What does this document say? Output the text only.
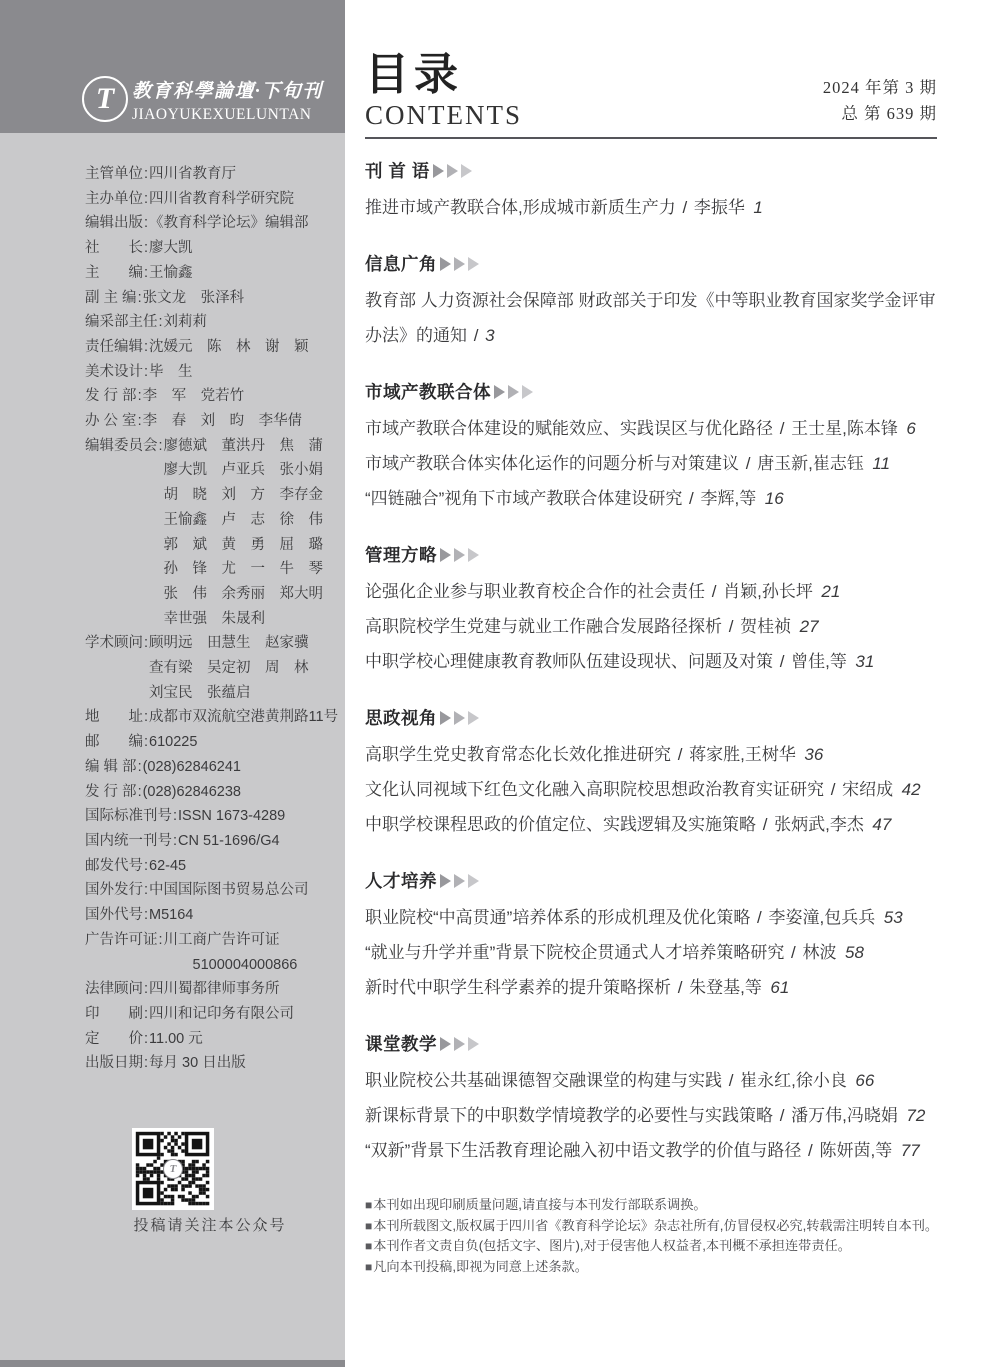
T 教育科學論壇·下旬刊
JIAOYUKEXUELUNTAN
主管单位 : 四川省教育厅
主办单位 : 四川省教育科学研究院
编辑出版 : 《教育科学论坛》编辑部
社　　长 : 廖大凯
主　　编 : 王愉鑫
副 主 编 : 张文龙　张泽科
编采部主任 : 刘莉莉
责任编辑 : 沈媛元　陈　林　谢　颖
美术设计 : 毕　生
发 行 部 : 李　军　党若竹
办 公 室 : 李　春　刘　昀　李华倩
编辑委员会 : 廖德斌　董洪丹　焦　蒲
廖大凯　卢亚兵　张小娟
胡　晓　刘　方　李存金
王愉鑫　卢　志　徐　伟
郭　斌　黄　勇　屈　璐
孙　锋　尤　一　牛　琴
张　伟　余秀丽　郑大明
幸世强　朱晟利
学术顾问 : 顾明远　田慧生　赵家骥
查有梁　吴定初　周　林
刘宝民　张蕴启
地　　址 : 成都市双流航空港黄荆路11号
邮　　编 : 610225
编 辑 部 : (028)62846241
发 行 部 : (028)62846238
国际标准刊号 : ISSN 1673-4289
国内统一刊号 : CN 51-1696/G4
邮发代号 : 62-45
国外发行 : 中国国际图书贸易总公司
国外代号 : M5164
广告许可证 : 川工商广告许可证
　　5100004000866
法律顾问 : 四川蜀都律师事务所
印　　刷 : 四川和记印务有限公司
定　　价 : 11.00 元
出版日期 : 每月 30 日出版
T
投稿请关注本公众号
目录
CONTENTS
2024 年第 3 期
总 第 639 期
刊 首 语
推进市域产教联合体,形成城市新质生产力 / 李振华 1
信息广角
教育部 人力资源社会保障部 财政部关于印发《中等职业教育国家奖学金评审办法》的通知 / 3
市域产教联合体
市域产教联合体建设的赋能效应、实践误区与优化路径 / 王士星,陈本锋 6
市域产教联合体实体化运作的问题分析与对策建议 / 唐玉新,崔志钰 11
“四链融合”视角下市域产教联合体建设研究 / 李辉,等 16
管理方略
论强化企业参与职业教育校企合作的社会责任 / 肖颖,孙长坪 21
高职院校学生党建与就业工作融合发展路径探析 / 贺桂祯 27
中职学校心理健康教育教师队伍建设现状、问题及对策 / 曾佳,等 31
思政视角
高职学生党史教育常态化长效化推进研究 / 蒋家胜,王树华 36
文化认同视域下红色文化融入高职院校思想政治教育实证研究 / 宋绍成 42
中职学校课程思政的价值定位、实践逻辑及实施策略 / 张炳武,李杰 47
人才培养
职业院校“中高贯通”培养体系的形成机理及优化策略 / 李姿潼,包兵兵 53
“就业与升学并重”背景下院校企贯通式人才培养策略研究 / 林波 58
新时代中职学生科学素养的提升策略探析 / 朱登基,等 61
课堂教学
职业院校公共基础课德智交融课堂的构建与实践 / 崔永红,徐小良 66
新课标背景下的中职数学情境教学的必要性与实践策略 / 潘万伟,冯晓娟 72
“双新”背景下生活教育理论融入初中语文教学的价值与路径 / 陈妍茵,等 77
■本刊如出现印刷质量问题,请直接与本刊发行部联系调换。
■本刊所载图文,版权属于四川省《教育科学论坛》杂志社所有,仿冒侵权必究,转载需注明转自本刊。
■本刊作者文责自负(包括文字、图片),对于侵害他人权益者,本刊概不承担连带责任。
■凡向本刊投稿,即视为同意上述条款。
